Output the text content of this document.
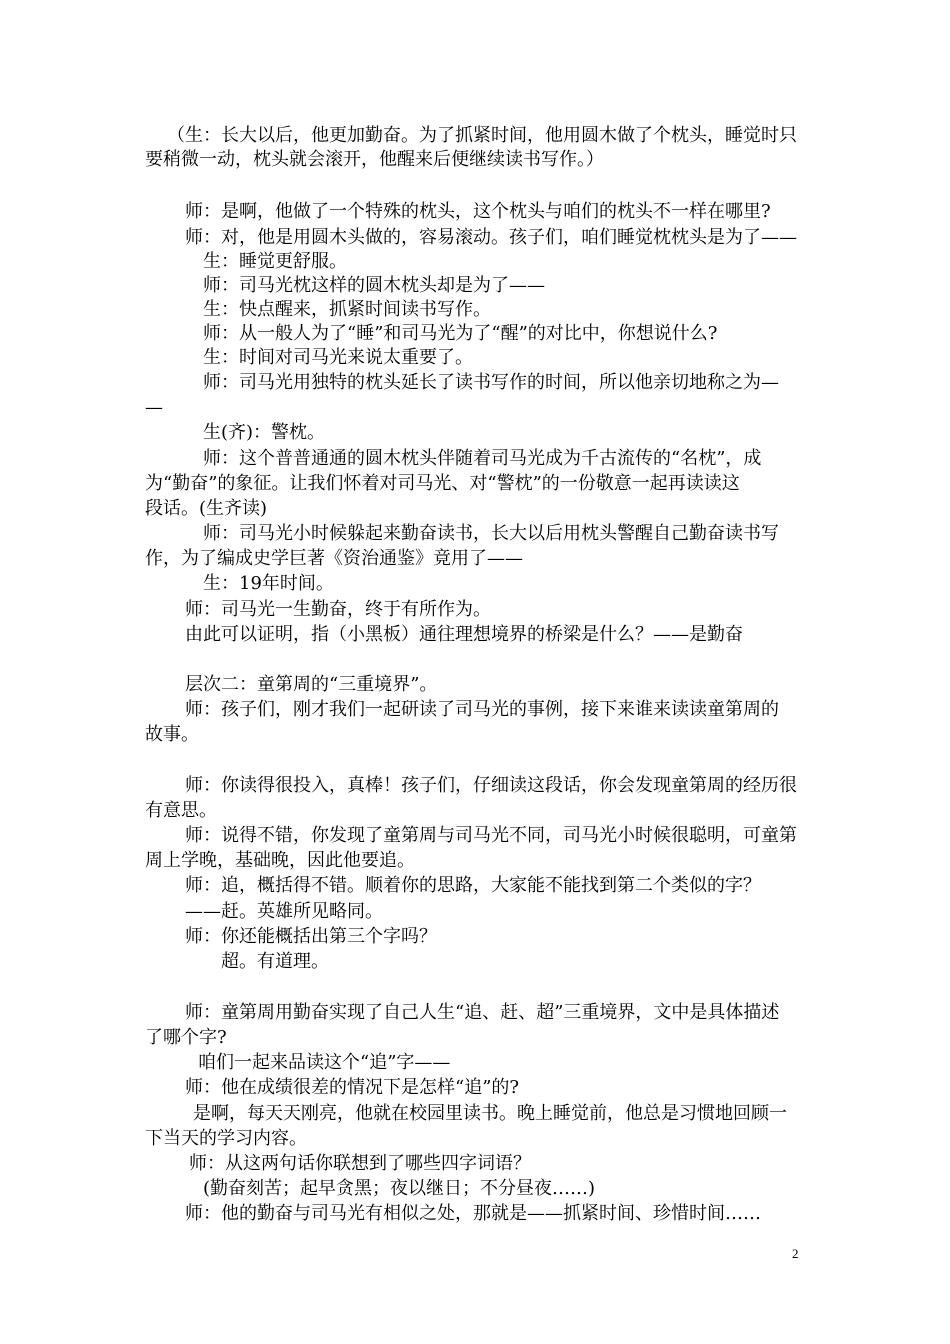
（生：长大以后，他更加勤奋。为了抓紧时间，他用圆木做了个枕头，睡觉时只

要稍微一动，枕头就会滚开，他醒来后便继续读书写作。）

师：是啊，他做了一个特殊的枕头，这个枕头与咱们的枕头不一样在哪里?

师：对，他是用圆木头做的，容易滚动。孩子们，咱们睡觉枕枕头是为了——

生：睡觉更舒服。

师：司马光枕这样的圆木枕头却是为了——

生：快点醒来，抓紧时间读书写作。

师：从一般人为了“睡”和司马光为了“醒”的对比中，你想说什么?

生：时间对司马光来说太重要了。

师：司马光用独特的枕头延长了读书写作的时间，所以他亲切地称之为—

—

生(齐)：警枕。

师：这个普普通通的圆木枕头伴随着司马光成为千古流传的“名枕”，成

为“勤奋”的象征。让我们怀着对司马光、对“警枕”的一份敬意一起再读读这

段话。(生齐读)

师：司马光小时候躲起来勤奋读书，长大以后用枕头警醒自己勤奋读书写

作，为了编成史学巨著《资治通鉴》竟用了——

生：19年时间。

师：司马光一生勤奋，终于有所作为。

由此可以证明，指（小黑板）通往理想境界的桥梁是什么？——是勤奋

层次二：童第周的“三重境界”。

师：孩子们，刚才我们一起研读了司马光的事例，接下来谁来读读童第周的

故事。

师：你读得很投入，真棒！孩子们，仔细读这段话，你会发现童第周的经历很

有意思。

师：说得不错，你发现了童第周与司马光不同，司马光小时候很聪明，可童第

周上学晚，基础晚，因此他要追。

师：追，概括得不错。顺着你的思路，大家能不能找到第二个类似的字？

——赶。英雄所见略同。

师：你还能概括出第三个字吗？

超。有道理。

师：童第周用勤奋实现了自己人生“追、赶、超”三重境界，文中是具体描述

了哪个字?

咱们一起来品读这个“追”字——

师：他在成绩很差的情况下是怎样“追”的?

是啊，每天天刚亮，他就在校园里读书。晚上睡觉前，他总是习惯地回顾一

下当天的学习内容。

师：从这两句话你联想到了哪些四字词语？

(勤奋刻苦；起早贪黑；夜以继日；不分昼夜……)

师：他的勤奋与司马光有相似之处，那就是——抓紧时间、珍惜时间……

2
